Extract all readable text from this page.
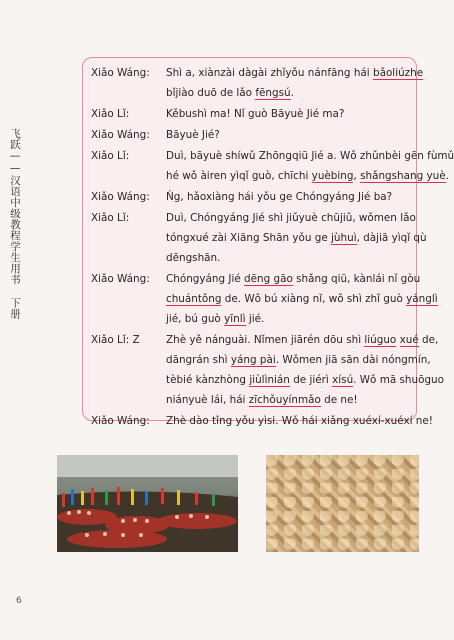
飞跃——汉语中级教程学生用书 下册
Xiǎo Wáng:	Shì a, xiànzài dàgài zhǐyǒu nánfāng hái bǎoliúzhe
bǐjiào duō de lǎo fēngsú.
Xiǎo Lǐ:	Kěbushì ma! Nǐ guò Bāyuè Jié ma?
Xiǎo Wáng:	Bāyuè Jié?
Xiǎo Lǐ:	Duì, bāyuè shíwǔ Zhōngqiū Jié a. Wǒ zhǔnbèi gēn fùmǔ
hé wǒ àiren yìqǐ guò, chīchi yuèbing, shǎngshang yuè.
Xiǎo Wáng:	Ńg, hǎoxiàng hái yǒu ge Chóngyáng Jié ba?
Xiǎo Lǐ:	Duì, Chóngyáng Jié shì jiǔyuè chūjiǔ, wǒmen lǎo
tóngxué zài Xiāng Shān yǒu ge jùhuì, dàjiā yìqǐ qù
dēngshān.
Xiǎo Wáng:	Chóngyáng Jié dēng gāo shǎng qiū, kànlái nǐ gòu
chuántǒng de. Wǒ bú xiàng nǐ, wǒ shì zhǐ guò yánglì
jié, bú guò yīnlì jié.
Xiǎo Lǐ: Z	Zhè yě nánguài. Nǐmen jiārén dōu shì liúguo xué de,
dāngrán shì yáng pài. Wǒmen jiā sān dài nóngmín,
tèbié kànzhòng jiùlìnián de jiérì xísú. Wǒ mā shuōguo
niányuè lái, hái zīchǒuyínmǎo de ne!
Xiǎo Wáng:	Zhè dào tǐng yǒu yìsi. Wǒ hái xiǎng xuéxí-xuéxí ne!
6
